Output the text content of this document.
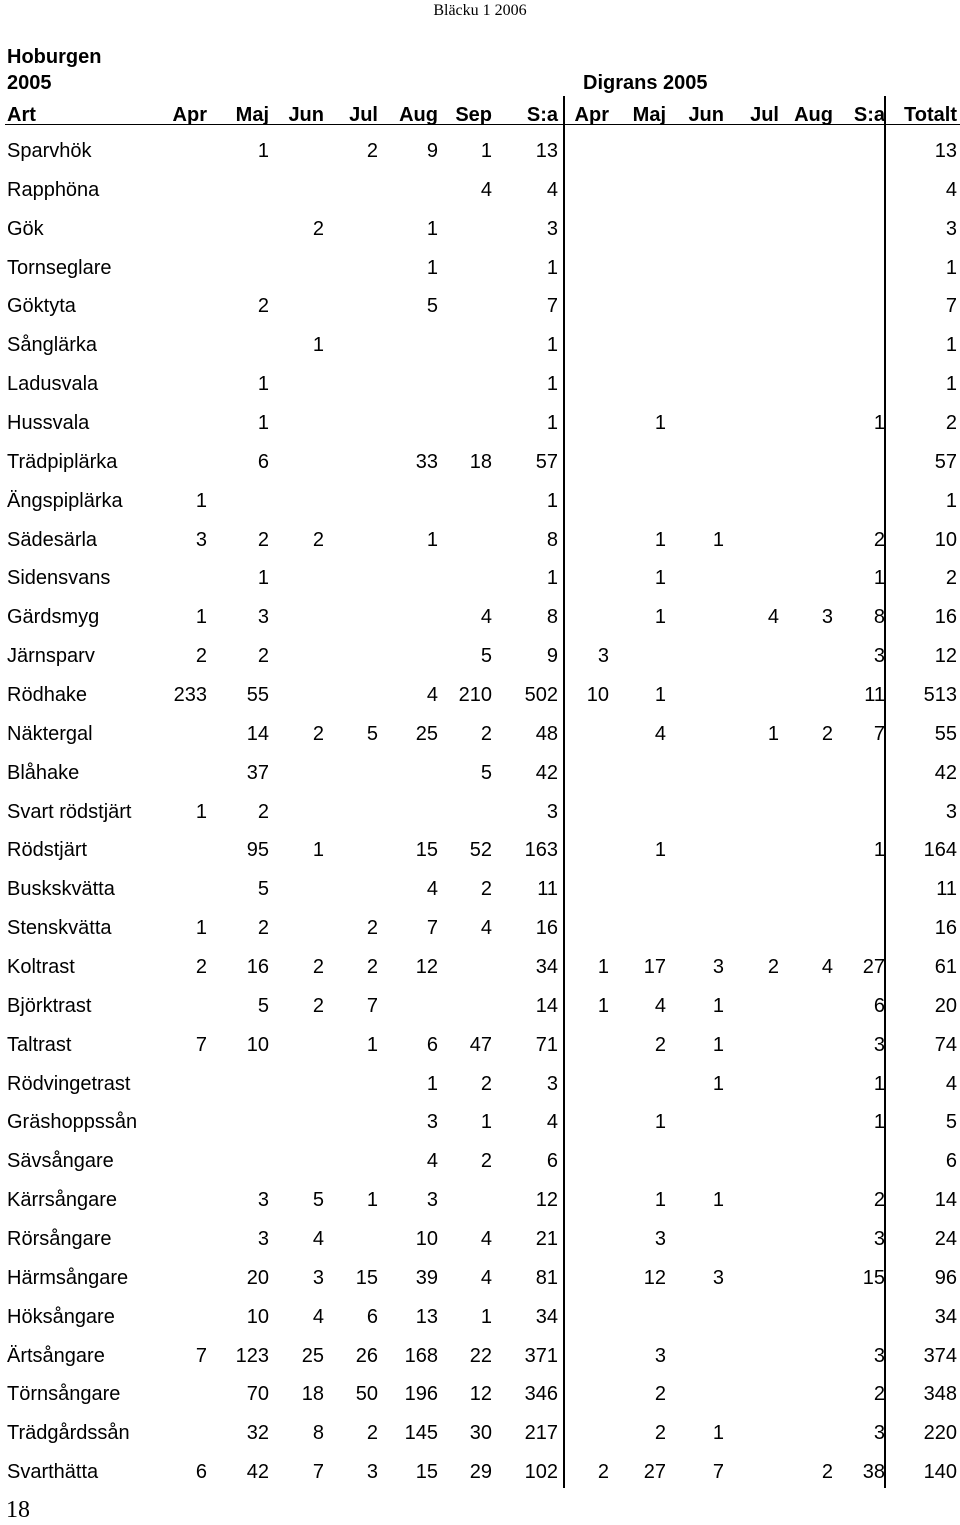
Bläcku 1 2006
Hoburgen
2005	Digrans 2005
Art	Apr	Maj	Jun	Jul	Aug	Sep	S:a	Apr	Maj	Jun	Jul	Aug	S:a	Totalt
Sparvhök		1		2	9	1	13							13
Rapphöna						4	4							4
Gök			2		1		3							3
Tornseglare					1		1							1
Göktyta		2			5		7							7
Sånglärka			1				1							1
Ladusvala		1					1							1
Hussvala		1					1		1				1	2
Trädpiplärka		6			33	18	57							57
Ängspiplärka	1						1							1
Sädesärla	3	2	2		1		8		1	1			2	10
Sidensvans		1					1		1				1	2
Gärdsmyg	1	3				4	8		1		4	3	8	16
Järnsparv	2	2				5	9	3					3	12
Rödhake	233	55			4	210	502	10	1				11	513
Näktergal		14	2	5	25	2	48		4		1	2	7	55
Blåhake		37				5	42							42
Svart rödstjärt	1	2					3							3
Rödstjärt		95	1		15	52	163		1				1	164
Buskskvätta		5			4	2	11							11
Stenskvätta	1	2		2	7	4	16							16
Koltrast	2	16	2	2	12		34	1	17	3	2	4	27	61
Björktrast		5	2	7			14	1	4	1			6	20
Taltrast	7	10		1	6	47	71		2	1			3	74
Rödvingetrast					1	2	3			1			1	4
Gräshoppssån					3	1	4		1				1	5
Sävsångare					4	2	6							6
Kärrsångare		3	5	1	3		12		1	1			2	14
Rörsångare		3	4		10	4	21		3				3	24
Härmsångare		20	3	15	39	4	81		12	3			15	96
Höksångare		10	4	6	13	1	34							34
Ärtsångare	7	123	25	26	168	22	371		3				3	374
Törnsångare		70	18	50	196	12	346		2				2	348
Trädgårdssån		32	8	2	145	30	217		2	1			3	220
Svarthätta	6	42	7	3	15	29	102	2	27	7		2	38	140
18
